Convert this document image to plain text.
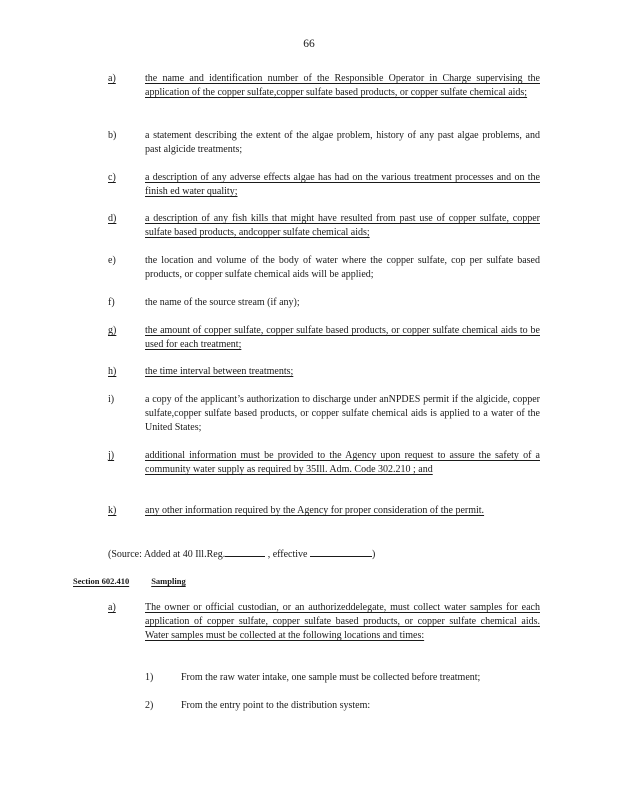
66
a)	the name and identification number of the Responsible Operator in Charge supervising the application of the copper sulfate,copper sulfate based products, or copper sulfate chemical aids;
b)	a statement describing the extent of the algae problem, history of any past algae problems, and past algicide treatments;
c)	a description of any adverse effects algae has had on the various treatment processes and on the finish ed water quality;
d)	a description of any fish kills that might have resulted from past use of copper sulfate, copper sulfate based products, andcopper sulfate chemical aids;
e)	the location and volume of the body of water where the copper sulfate, cop per sulfate based products, or copper sulfate chemical aids will be applied;
f)	the name of the source stream (if any);
g)	the amount of copper sulfate, copper sulfate based products, or copper sulfate chemical aids to be used for each treatment;
h)	the time interval between treatments;
i)	a copy of the applicant’s authorization to discharge under anNPDES permit if the algicide, copper sulfate,copper sulfate based products, or copper sulfate chemical aids is applied to a water of the United States;
j)	additional information must be provided to the Agency upon request to assure the safety of a community water supply as required by 35Ill. Adm. Code 302.210 ; and
k)	any other information required by the Agency for proper consideration of the permit.
(Source: Added at 40 Ill.Reg.	, effective	)
Section 602.410	Sampling
a)	The owner or official custodian, or an authorizeddelegate, must collect water samples for each application of copper sulfate, copper sulfate based products, or copper sulfate chemical aids. Water samples must be collected at the following locations and times:
1)	From the raw water intake, one sample must be collected before treatment;
2)	From the entry point to the distribution system:
